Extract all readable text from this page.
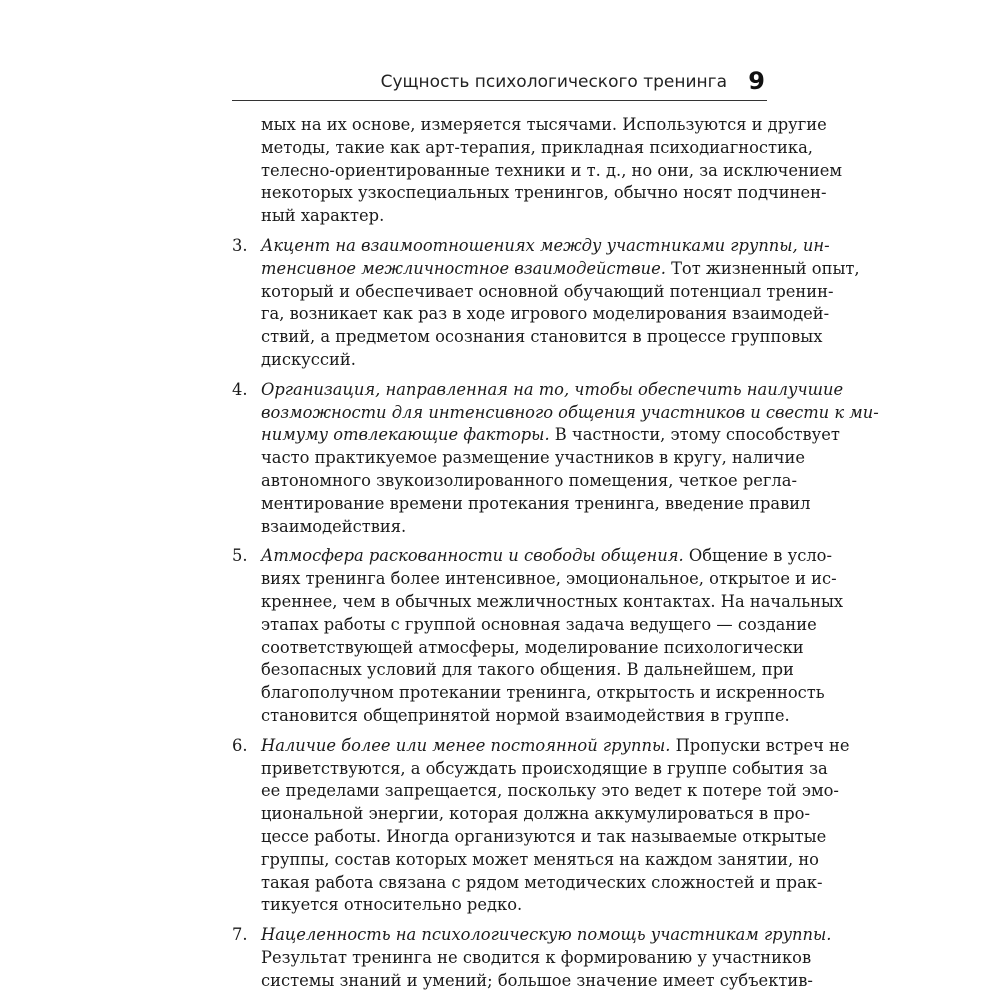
Сущность психологического тренинга 9
мых на их основе, измеряется тысячами. Используются и другие
методы, такие как арт-терапия, прикладная психодиагностика,
телесно-ориентированные техники и т. д., но они, за исключением
некоторых узкоспециальных тренингов, обычно носят подчинен-
ный характер.
3. Акцент на взаимоотношениях между участниками группы, ин-
тенсивное межличностное взаимодействие. Тот жизненный опыт,
который и обеспечивает основной обучающий потенциал тренин-
га, возникает как раз в ходе игрового моделирования взаимодей-
ствий, а предметом осознания становится в процессе групповых
дискуссий.
4. Организация, направленная на то, чтобы обеспечить наилучшие
возможности для интенсивного общения участников и свести к ми-
нимуму отвлекающие факторы. В частности, этому способствует
часто практикуемое размещение участников в кругу, наличие
автономного звукоизолированного помещения, четкое регла-
ментирование времени протекания тренинга, введение правил
взаимодействия.
5. Атмосфера раскованности и свободы общения. Общение в усло-
виях тренинга более интенсивное, эмоциональное, открытое и ис-
креннее, чем в обычных межличностных контактах. На начальных
этапах работы с группой основная задача ведущего — создание
соответствующей атмосферы, моделирование психологически
безопасных условий для такого общения. В дальнейшем, при
благополучном протекании тренинга, открытость и искренность
становится общепринятой нормой взаимодействия в группе.
6. Наличие более или менее постоянной группы. Пропуски встреч не
приветствуются, а обсуждать происходящие в группе события за
ее пределами запрещается, поскольку это ведет к потере той эмо-
циональной энергии, которая должна аккумулироваться в про-
цессе работы. Иногда организуются и так называемые открытые
группы, состав которых может меняться на каждом занятии, но
такая работа связана с рядом методических сложностей и прак-
тикуется относительно редко.
7. Нацеленность на психологическую помощь участникам группы.
Результат тренинга не сводится к формированию у участников
системы знаний и умений; большое значение имеет субъектив-
